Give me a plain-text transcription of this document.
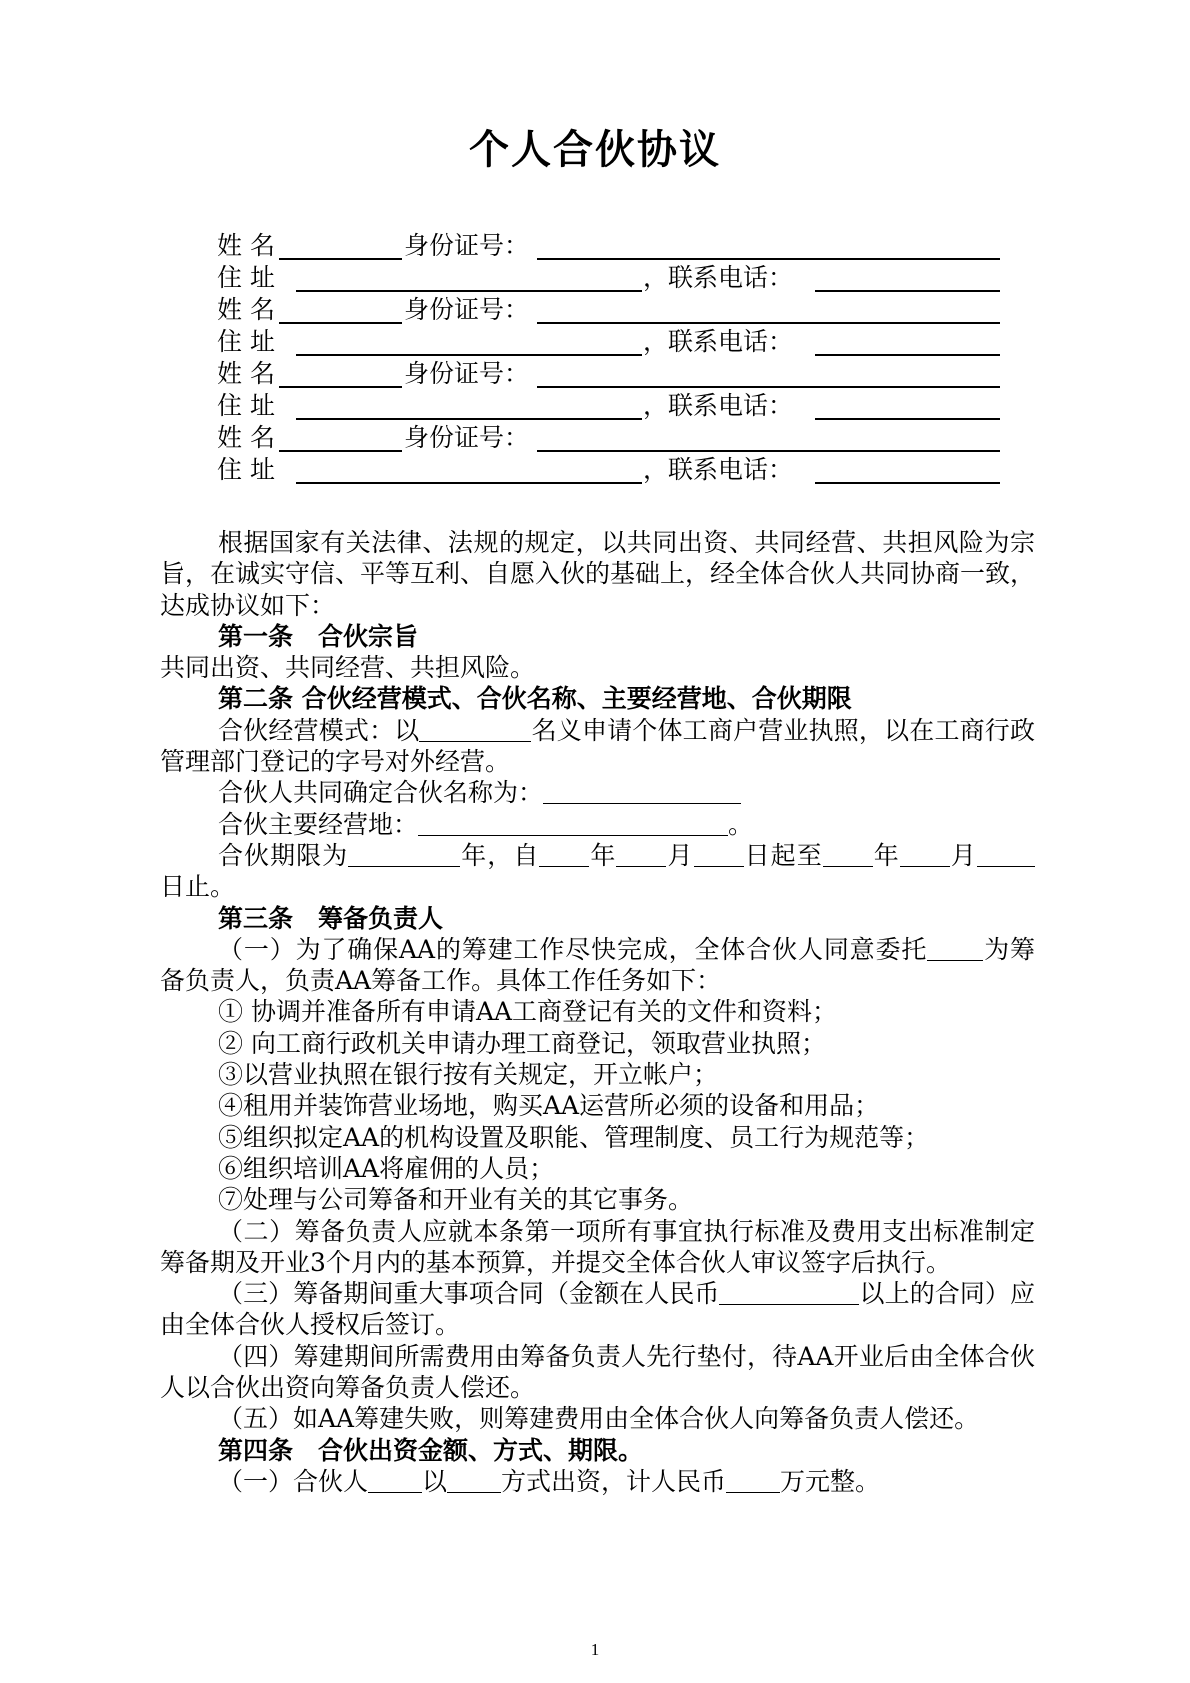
个人合伙协议
姓 名	身份证号：
住 址	，联系电话：
姓 名	身份证号：
住 址	，联系电话：
姓 名	身份证号：
住 址	，联系电话：
姓 名	身份证号：
住 址	，联系电话：

根据国家有关法律、法规的规定，以共同出资、共同经营、共担风险为宗旨，在诚实守信、平等互利、自愿入伙的基础上，经全体合伙人共同协商一致，达成协议如下：

第一条　合伙宗旨

共同出资、共同经营、共担风险。

第二条 合伙经营模式、合伙名称、主要经营地、合伙期限

合伙经营模式：以	名义申请个体工商户营业执照，以在工商行政管理部门登记的字号对外经营。

合伙人共同确定合伙名称为：

合伙主要经营地：	。

合伙期限为	年，自 年 月 日起至 年 月日止。

第三条　筹备负责人

（一）为了确保AA的筹建工作尽快完成，全体合伙人同意委托 为筹备负责人，负责AA筹备工作。具体工作任务如下：

① 协调并准备所有申请AA工商登记有关的文件和资料；

② 向工商行政机关申请办理工商登记，领取营业执照；

③以营业执照在银行按有关规定，开立帐户；

④租用并装饰营业场地，购买AA运营所必须的设备和用品；

⑤组织拟定AA的机构设置及职能、管理制度、员工行为规范等；

⑥组织培训AA将雇佣的人员；

⑦处理与公司筹备和开业有关的其它事务。

（二）筹备负责人应就本条第一项所有事宜执行标准及费用支出标准制定筹备期及开业3个月内的基本预算，并提交全体合伙人审议签字后执行。

（三）筹备期间重大事项合同（金额在人民币	以上的合同）应由全体合伙人授权后签订。

（四）筹建期间所需费用由筹备负责人先行垫付，待AA开业后由全体合伙人以合伙出资向筹备负责人偿还。

（五）如AA筹建失败，则筹建费用由全体合伙人向筹备负责人偿还。

第四条　合伙出资金额、方式、期限。

（一）合伙人 以 方式出资，计人民币 万元整。

1
